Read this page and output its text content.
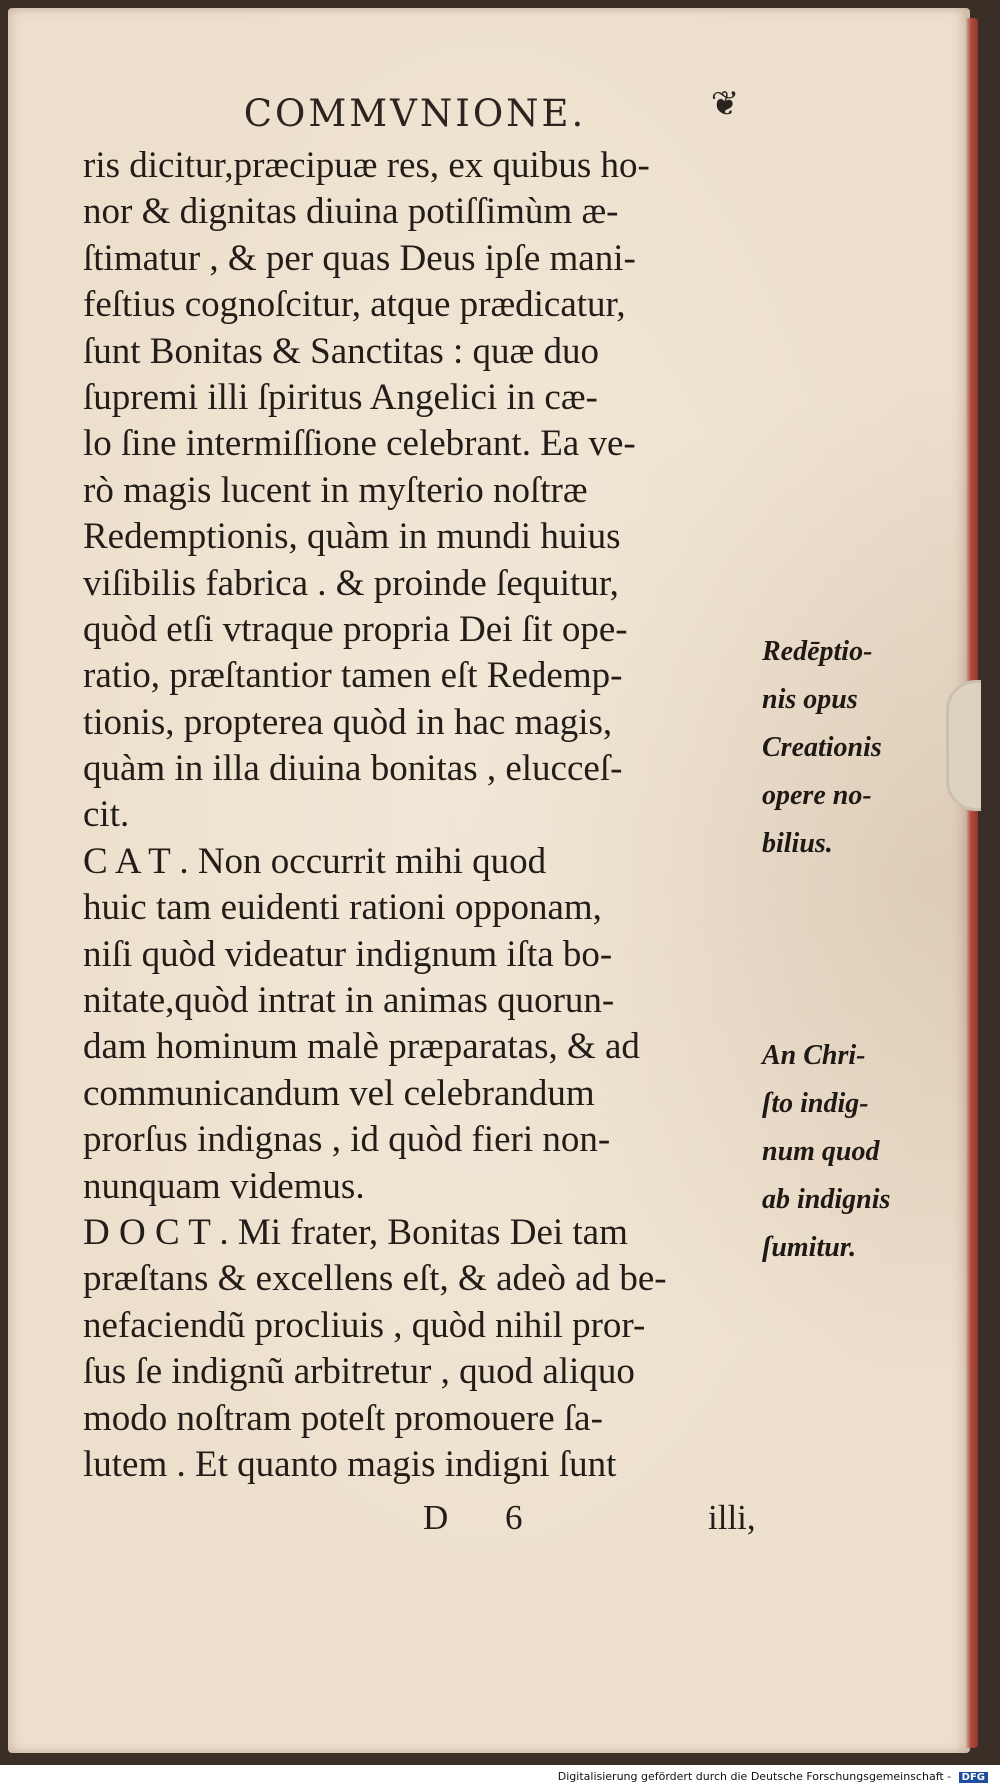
COMMVNIONE.	❦
ris dicitur,præcipuæ res, ex quibus ho-
nor & dignitas diuina potiſſimùm æ-
ſtimatur , & per quas Deus ipſe mani-
feſtius cognoſcitur, atque prædicatur,
ſunt Bonitas & Sanctitas : quæ duo
ſupremi illi ſpiritus Angelici in cæ-
lo ſine intermiſſione celebrant. Ea ve-
rò magis lucent in myſterio noſtræ
Redemptionis, quàm in mundi huius
viſibilis fabrica . & proinde ſequitur,
quòd etſi vtraque propria Dei ſit ope-
ratio, præſtantior tamen eſt Redemp-
tionis, propterea quòd in hac magis,
quàm in illa diuina bonitas , elucceſ-
cit.
C A T . Non occurrit mihi quod
huic tam euidenti rationi opponam,
niſi quòd videatur indignum iſta bo-
nitate,quòd intrat in animas quorun-
dam hominum malè præparatas, & ad
communicandum vel celebrandum
prorſus indignas , id quòd fieri non-
nunquam videmus.
D O C T . Mi frater, Bonitas Dei tam
præſtans & excellens eſt, & adeò ad be-
nefaciendũ procliuis , quòd nihil pror-
ſus ſe indignũ arbitretur , quod aliquo
modo noſtram poteſt promouere ſa-
lutem . Et quanto magis indigni ſunt
Redēptio-
nis opus
Creationis
opere no-
bilius.
An Chri-
ſto indig-
num quod
ab indignis
ſumitur.
D 6	illi,
Digitalisierung gefördert durch die Deutsche Forschungsgemeinschaft - DFG
